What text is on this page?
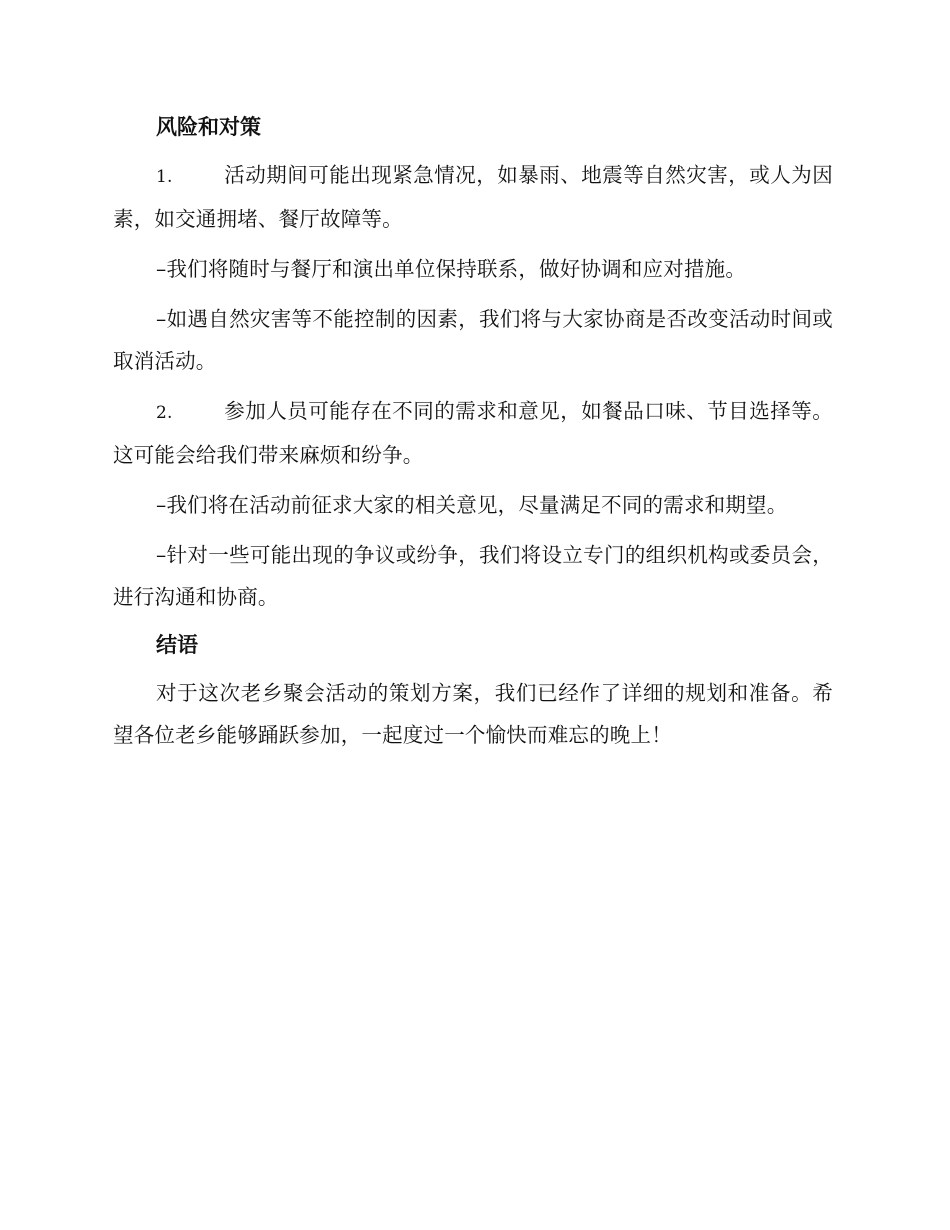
风险和对策

1.	活动期间可能出现紧急情况，如暴雨、地震等自然灾害，或人为因素，如交通拥堵、餐厅故障等。

–我们将随时与餐厅和演出单位保持联系，做好协调和应对措施。

–如遇自然灾害等不能控制的因素，我们将与大家协商是否改变活动时间或取消活动。

2.	参加人员可能存在不同的需求和意见，如餐品口味、节目选择等。这可能会给我们带来麻烦和纷争。

–我们将在活动前征求大家的相关意见，尽量满足不同的需求和期望。

–针对一些可能出现的争议或纷争，我们将设立专门的组织机构或委员会，进行沟通和协商。

结语

对于这次老乡聚会活动的策划方案，我们已经作了详细的规划和准备。希望各位老乡能够踊跃参加，一起度过一个愉快而难忘的晚上！
